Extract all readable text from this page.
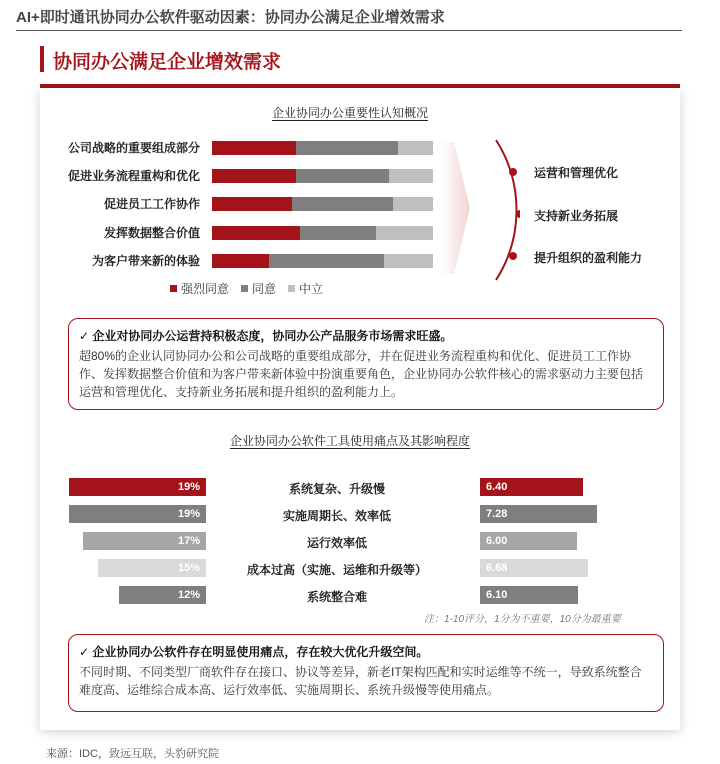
AI+即时通讯协同办公软件驱动因素：协同办公满足企业增效需求
协同办公满足企业增效需求
企业协同办公重要性认知概况
公司战略的重要组成部分
促进业务流程重构和优化
促进员工工作协作
发挥数据整合价值
为客户带来新的体验
强烈同意 同意 中立
运营和管理优化
支持新业务拓展
提升组织的盈利能力
✓ 企业对协同办公运营持积极态度，协同办公产品服务市场需求旺盛。
超80%的企业认同协同办公和公司战略的重要组成部分，并在促进业务流程重构和优化、促进员工工作协作、发挥数据整合价值和为客户带来新体验中扮演重要角色，企业协同办公软件核心的需求驱动力主要包括运营和管理优化、支持新业务拓展和提升组织的盈利能力上。
企业协同办公软件工具使用痛点及其影响程度
19%	系统复杂、升级慢	6.40
19%	实施周期长、效率低	7.28
17%	运行效率低	6.00
15%	成本过高（实施、运维和升级等）	6.68
12%	系统整合难	6.10
注：1-10评分，1分为不重要，10分为最重要
✓ 企业协同办公软件存在明显使用痛点，存在较大优化升级空间。
不同时期、不同类型厂商软件存在接口、协议等差异，新老IT架构匹配和实时运维等不统一，导致系统整合难度高、运维综合成本高、运行效率低、实施周期长、系统升级慢等使用痛点。
来源：IDC，致远互联，头豹研究院
